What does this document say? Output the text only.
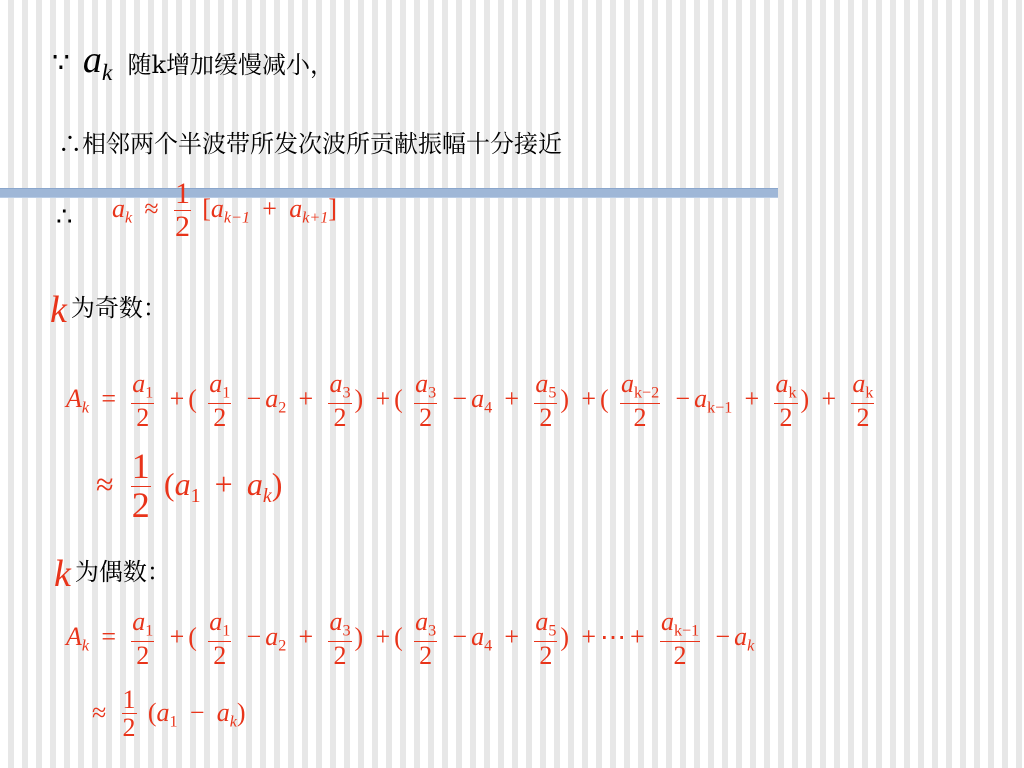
∵ $a_k$ 随k增加缓慢减小，
∴相邻两个半波带所发次波所贡献振幅十分接近
∴ $a_k \approx \frac{1}{2} [a_{k-1} + a_{k+1}]$
k为奇数：
$A_k = \frac{a_1}{2}$ + ( $\frac{a_1}{2} - a_2 + \frac{a_3}{2}$ ) + ( $\frac{a_3}{2} - a_4 + \frac{a_5}{2}$ ) + ( $\frac{a_{k-2}}{2} - a_{k-1} + \frac{a_k}{2}$ ) + $\frac{a_k}{2}$
≈ $\frac{1}{2} (a_1 + a_k)$
k为偶数：
$A_k = \frac{a_1}{2}$ + ( $\frac{a_1}{2} - a_2 + \frac{a_3}{2}$ ) + ( $\frac{a_3}{2} - a_4 + \frac{a_5}{2}$ ) + ⋯ + $\frac{a_{k-1}}{2} - a_k$
≈ $\frac{1}{2} (a_1 - a_k)$
